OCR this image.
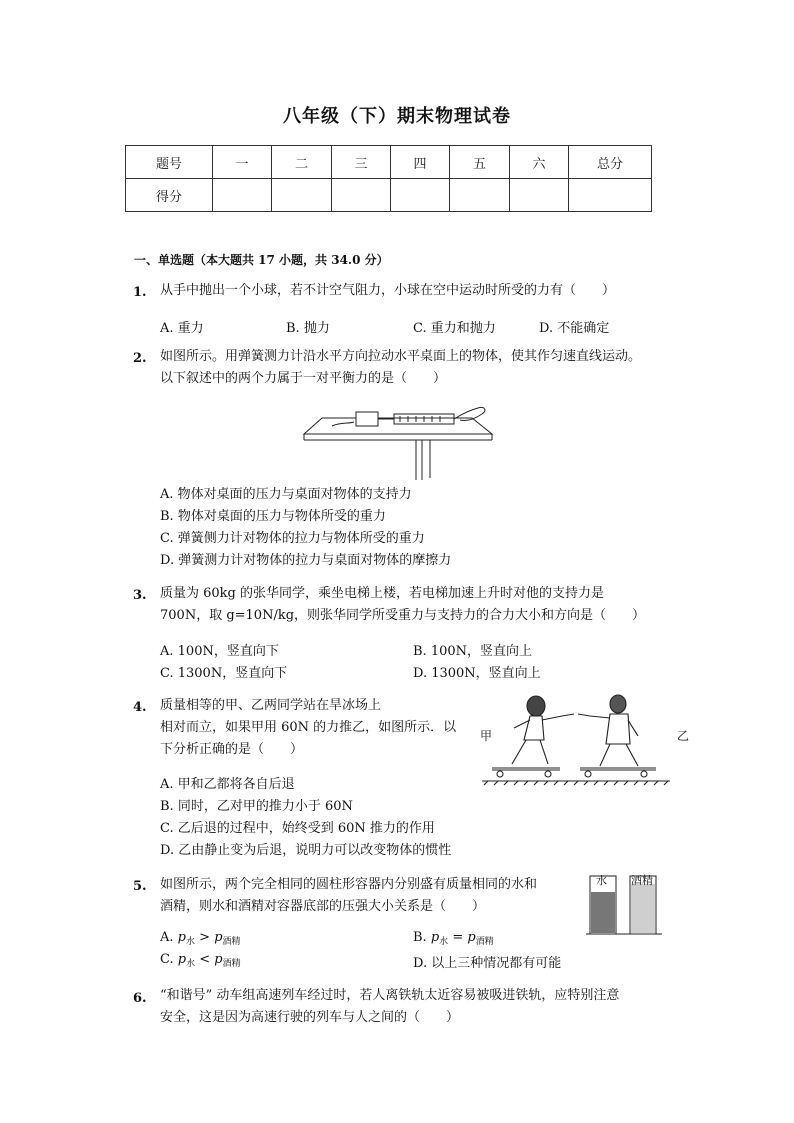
八年级（下）期末物理试卷
题号	一	二	三	四	五	六	总分
得分							
一、单选题（本大题共 17 小题，共 34.0 分）
1. 从手中抛出一个小球，若不计空气阻力，小球在空中运动时所受的力有（　　）
A. 重力	B. 抛力	C. 重力和抛力	D. 不能确定
2. 如图所示。用弹簧测力计沿水平方向拉动水平桌面上的物体，使其作匀速直线运动。
以下叙述中的两个力属于一对平衡力的是（　　）
A. 物体对桌面的压力与桌面对物体的支持力
B. 物体对桌面的压力与物体所受的重力
C. 弹簧侧力计对物体的拉力与物体所受的重力
D. 弹簧测力计对物体的拉力与桌面对物体的摩擦力
3. 质量为 60kg 的张华同学，乘坐电梯上楼，若电梯加速上升时对他的支持力是
700N，取 g=10N/kg，则张华同学所受重力与支持力的合力大小和方向是（　　）
A. 100N，竖直向下	B. 100N，竖直向上
C. 1300N，竖直向下	D. 1300N，竖直向上
4. 质量相等的甲、乙两同学站在旱冰场上
相对而立，如果甲用 60N 的力推乙，如图所示．以
下分析正确的是（　　）
甲	乙
A. 甲和乙都将各自后退
B. 同时，乙对甲的推力小于 60N
C. 乙后退的过程中，始终受到 60N 推力的作用
D. 乙由静止变为后退，说明力可以改变物体的惯性
5. 如图所示，两个完全相同的圆柱形容器内分别盛有质量相同的水和
酒精，则水和酒精对容器底部的压强大小关系是（　　）
水 酒精
A. $p_水 > p_{酒精}$	B. $p_水 = p_{酒精}$
C. $p_水 < p_{酒精}$	D. 以上三种情况都有可能
6. “和谐号” 动车组高速列车经过时，若人离铁轨太近容易被吸进铁轨，应特别注意
安全，这是因为高速行驶的列车与人之间的（　　）
